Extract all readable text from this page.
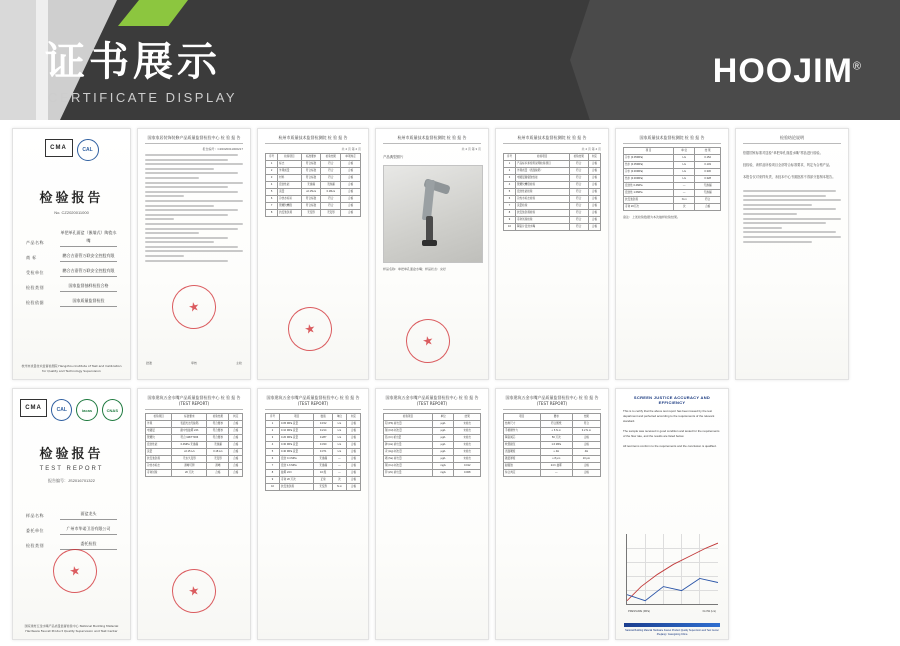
证书展示
CERTIFICATE DISPLAY
HOOJIM®
CMA	CAL
检验报告
No. CZ2020011000
产品名称
单把单孔面盆（嵌墙式）陶瓷水嘴
商 标	鹏合吉嘉管万联安全控股有限
受检单位	鹏合吉嘉管万联安全控股有限
检验类别	国家监督抽样检验合格
检验依据	国家质量监督检验
杭州市质量技术监督检测院 Hangzhou Institute of Test and Calibration for Quality and Technology Supervision
国家家居装饰装修产品质量监督检验中心 检 验 报 告
报告编号：CZ2020011000217
批准	审核	主检
杭州市质量技术监督检测院 检 验 报 告
共 4 页 第 2 页
序号	检验项目	标准要求	检验结果	单项判定
1	标志	符合标准	符合	合格
2	外观质量	符合标准	符合	合格
3	材料	符合标准	符合	合格
4	密封性能	无渗漏	无渗漏	合格
5	流量	≥0.15L/s	0.18L/s	合格
6	冷热水标识	符合标准	符合	合格
7	管螺纹精度	符合标准	符合	合格
8	抗安装负载	无变形	无变形	合格
杭州市质量技术监督检测院 检 验 报 告
共 4 页 第 3 页
产品典型照片
样品名称：单把单孔面盆水嘴；样品状态：完好
杭州市质量技术监督检测院 检 验 报 告
共 4 页 第 4 页
序号	检验项目	检验结果	判定
1	产品标识和使用说明检验项目	符合	合格
2	外观质量（表面缺陷）	符合	合格
3	电镀层耐腐蚀性能	符合	合格
4	管螺纹精度检验	符合	合格
5	密封性能检验	符合	合格
6	冷热水标志检验	符合	合格
7	流量检验	符合	合格
8	抗安装负载检验	符合	合格
9	寿命试验检验	符合	合格
10	陶瓷片密封水嘴	符合	合格
国家质量技术监督检测院 检 验 报 告
项 目	单 位	结 果
冷水 (0.05MPa)	L/s	0.152
热水 (0.05MPa)	L/s	0.149
冷水 (0.30MPa)	L/s	0.330
热水 (0.30MPa)	L/s	0.328
密封性 0.4MPa	—	无渗漏
密封性 1.6MPa	—	无渗漏
抗安装负载	N·m	符合
寿命 20万次	次	合格
备注：上述检验数据为本次抽样检验结果。
检验结论说明
依据国家标准对送检“单把单孔面盆水嘴”样品进行检验。
经检验，该样品所检项目全部符合标准要求，判定为合格产品。
本报告仅对来样负责，未经本中心书面批准不得部分复制本报告。
CMA	CAL	iacas	CNAS
检验报告
TEST REPORT
报告编号：JS2016701322
样品名称	面盆龙头
委托单位	广州市华诺卫浴有限公司
检验类别	委托检验
国家建材五金水嘴产品质量监督检验中心 National Building Material Hardware Faucet Product Quality Supervision and Test Center
国家建筑五金水嘴产品质量监督检验中心 检 验 报 告 (TEST REPORT)
检验项目	标准要求	检验结果	判定
外观	表面光洁无缺陷	符合要求	合格
电镀层	耐中性盐雾 24h	符合要求	合格
管螺纹	符合 GB/T7306	符合要求	合格
密封性能	0.4MPa 无渗漏	无渗漏	合格
流量	≥0.15 L/s	0.18 L/s	合格
抗安装负载	无永久变形	无变形	合格
冷热水标志	清晰可辨	清晰	合格
寿命试验	20 万次	合格	合格
国家建筑五金水嘴产品质量监督检验中心 检 验 报 告 (TEST REPORT)
序号	项目	数值	单位	判定
1	0.05 MPa 流量	0.152	L/s	合格
2	0.10 MPa 流量	0.214	L/s	合格
3	0.20 MPa 流量	0.287	L/s	合格
4	0.30 MPa 流量	0.330	L/s	合格
5	0.40 MPa 流量	0.371	L/s	合格
6	密封 0.4 MPa	无渗漏	—	合格
7	密封 1.6 MPa	无渗漏	—	合格
8	盐雾 24 h	10 级	—	合格
9	寿命 20 万次	正常	次	合格
10	抗安装负载	无变形	N·m	合格
国家建筑五金水嘴产品质量监督检验中心 检 验 报 告 (TEST REPORT)
检验项目	单位	结果
铅 (Pb) 析出量	μg/L	未检出
镉 (Cd) 析出量	μg/L	未检出
铬 (Cr) 析出量	μg/L	未检出
砷 (As) 析出量	μg/L	未检出
汞 (Hg) 析出量	μg/L	未检出
硒 (Se) 析出量	μg/L	未检出
铜 (Cu) 析出量	mg/L	0.012
锌 (Zn) 析出量	mg/L	0.008
国家建筑五金水嘴产品质量监督检验中心 检 验 报 告 (TEST REPORT)
项目	要求	结果
结构尺寸	符合图纸	符合
手柄操作力	≤ 6 N·m	3.2 N·m
陶瓷阀芯	50 万次	合格
软管耐压	1.6 MPa	合格
表面硬度	≥ 4H	4H
镀层厚度	≥ 8 μm	10 μm
耐腐蚀	24 h 盐雾	合格
综合判定	—	合格
SCREEN JUSTICE ACCURACY AND EFFICIENCY
This is to certify that the above test report has been issued by the test department and perfected according to the requirements of the relevant standard.
The sample was received in good condition and tested for the requirements of the flow rate, and the results are listed below.
All test items conform to the requirements and the conclusion is qualified.
PRESSURE (MPa)	FLOW (L/s)
National Building Material Hardware Faucet Product Quality Supervision and Test Center Zhejiang / Guangdong China
